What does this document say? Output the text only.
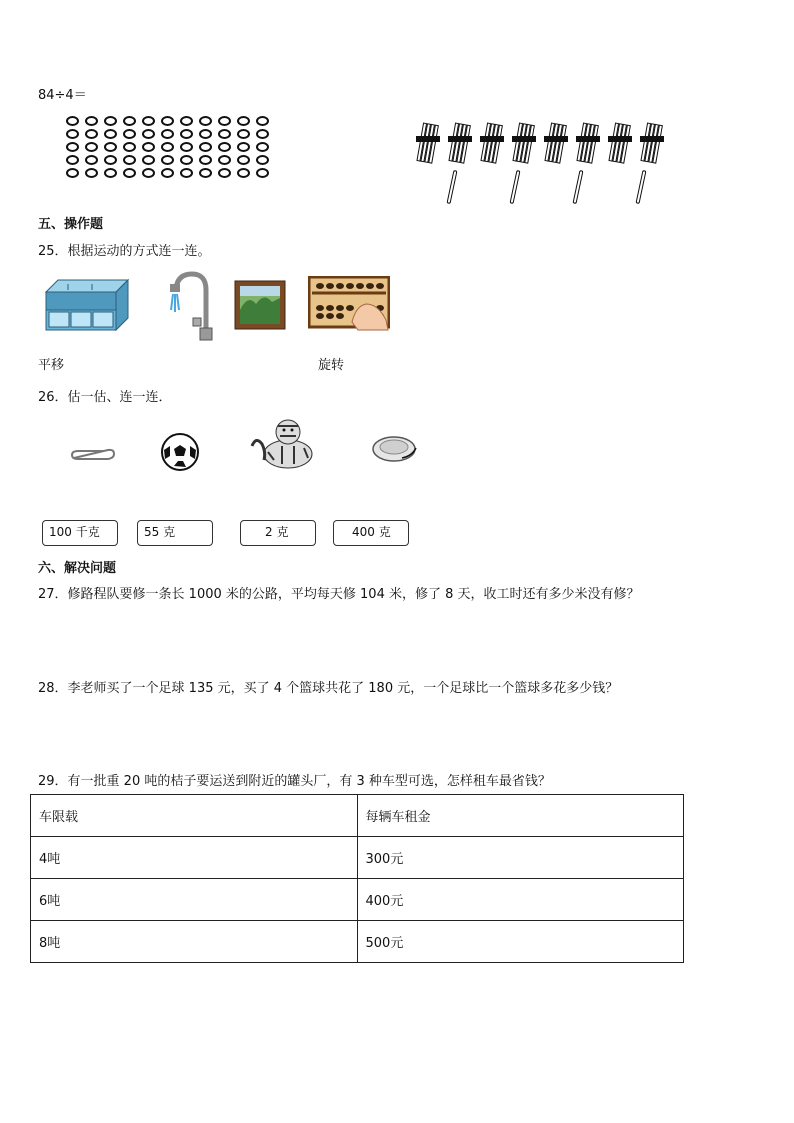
84÷4＝
五、操作题
25．根据运动的方式连一连。
平移	旋转
26．估一估、连一连．
100 千克	55 克	2 克	400 克
六、解决问题
27．修路程队要修一条长 1000 米的公路，平均每天修 104 米，修了 8 天，收工时还有多少米没有修？
28．李老师买了一个足球 135 元，买了 4 个篮球共花了 180 元，一个足球比一个篮球多花多少钱？
29．有一批重 20 吨的桔子要运送到附近的罐头厂，有 3 种车型可选，怎样租车最省钱？
车限载	每辆车租金
4吨	300元
6吨	400元
8吨	500元
